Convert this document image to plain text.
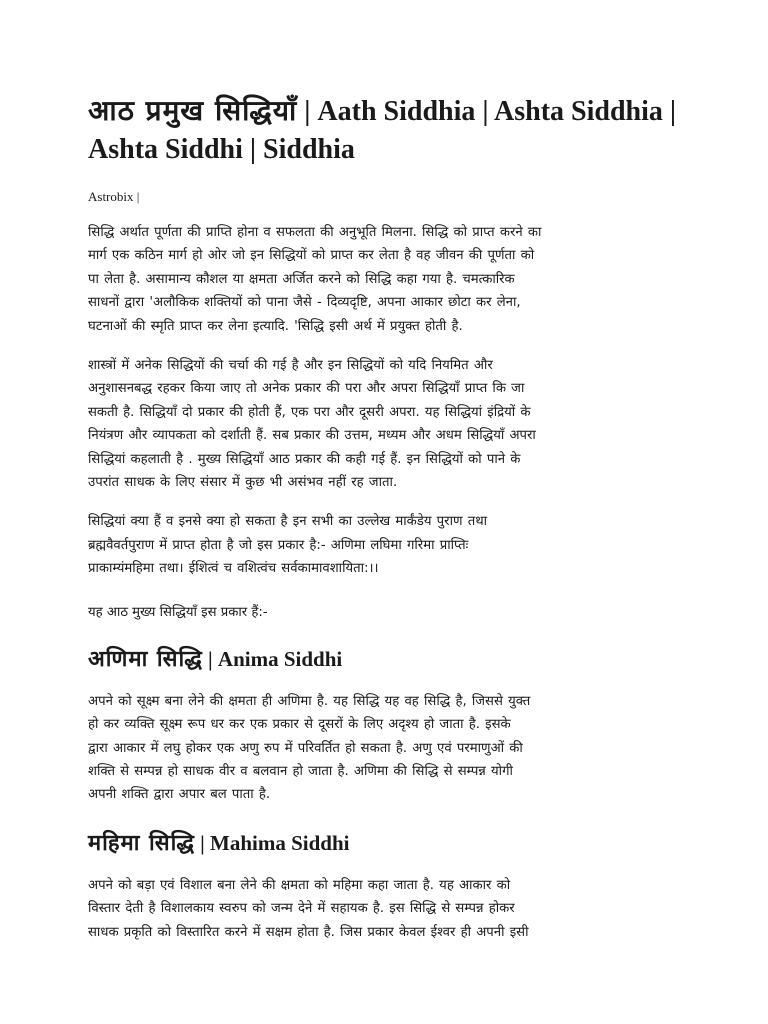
आठ प्रमुख सिद्धियाँ | Aath Siddhia | Ashta Siddhia | Ashta Siddhi | Siddhia

Astrobix |

सिद्धि अर्थात पूर्णता की प्राप्ति होना व सफलता की अनुभूति मिलना. सिद्धि को प्राप्त करने का
मार्ग एक कठिन मार्ग हो ओर जो इन सिद्धियों को प्राप्त कर लेता है वह जीवन की पूर्णता को
पा लेता है. असामान्य कौशल या क्षमता अर्जित करने को सिद्धि कहा गया है. चमत्कारिक
साधनों द्वारा 'अलौकिक शक्तियों को पाना जैसे - दिव्यदृष्टि, अपना आकार छोटा कर लेना,
घटनाओं की स्मृति प्राप्त कर लेना इत्यादि. 'सिद्धि इसी अर्थ में प्रयुक्त होती है.

शास्त्रों में अनेक सिद्धियों की चर्चा की गई है और इन सिद्धियों को यदि नियमित और
अनुशासनबद्ध रहकर किया जाए तो अनेक प्रकार की परा और अपरा सिद्धियाँ प्राप्त कि जा
सकती है. सिद्धियाँ दो प्रकार की होती हैं, एक परा और दूसरी अपरा. यह सिद्धियां इंद्रियों के
नियंत्रण और व्यापकता को दर्शाती हैं. सब प्रकार की उत्तम, मध्यम और अधम सिद्धियाँ अपरा
सिद्धियां कहलाती है . मुख्य सिद्धियाँ आठ प्रकार की कही गई हैं. इन सिद्धियों को पाने के
उपरांत साधक के लिए संसार में कुछ भी असंभव नहीं रह जाता.

सिद्धियां क्या हैं व इनसे क्या हो सकता है इन सभी का उल्लेख मार्कंडेय पुराण तथा
ब्रह्मवैवर्तपुराण में प्राप्त होता है जो इस प्रकार है:- अणिमा लघिमा गरिमा प्राप्तिः
प्राकाम्यंमहिमा तथा। ईशित्वं च वशित्वंच सर्वकामावशायिता:।।

यह आठ मुख्य सिद्धियाँ इस प्रकार हैं:-

अणिमा सिद्धि | Anima Siddhi

अपने को सूक्ष्म बना लेने की क्षमता ही अणिमा है. यह सिद्धि यह वह सिद्धि है, जिससे युक्त
हो कर व्यक्ति सूक्ष्म रूप धर कर एक प्रकार से दूसरों के लिए अदृश्य हो जाता है. इसके
द्वारा आकार में लघु होकर एक अणु रुप में परिवर्तित हो सकता है. अणु एवं परमाणुओं की
शक्ति से सम्पन्न हो साधक वीर व बलवान हो जाता है. अणिमा की सिद्धि से सम्पन्न योगी
अपनी शक्ति द्वारा अपार बल पाता है.

महिमा सिद्धि | Mahima Siddhi

अपने को बड़ा एवं विशाल बना लेने की क्षमता को महिमा कहा जाता है. यह आकार को
विस्तार देती है विशालकाय स्वरुप को जन्म देने में सहायक है. इस सिद्धि से सम्पन्न होकर
साधक प्रकृति को विस्तारित करने में सक्षम होता है. जिस प्रकार केवल ईश्वर ही अपनी इसी
